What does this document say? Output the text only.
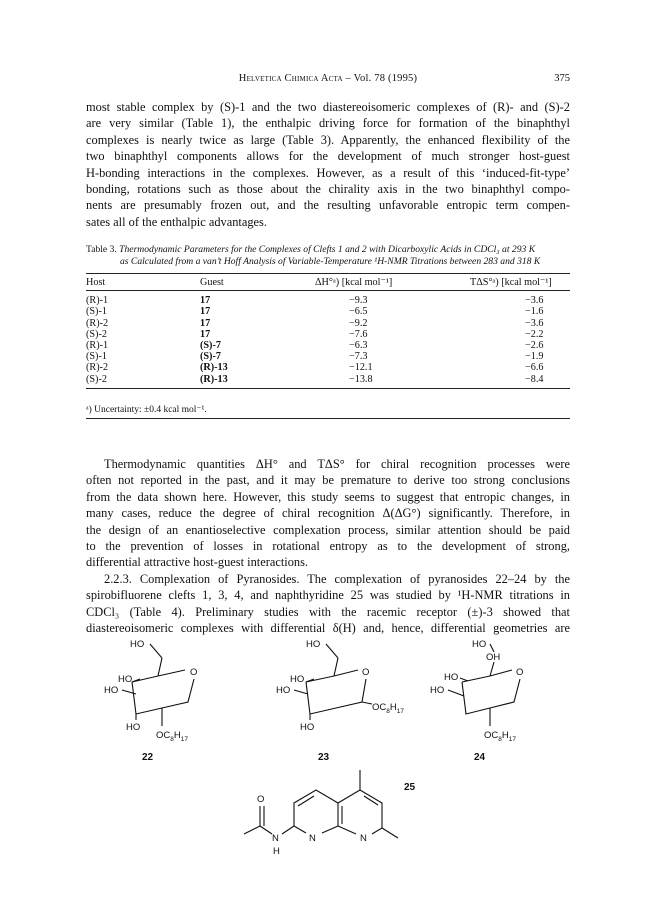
Helvetica Chimica Acta – Vol. 78 (1995)	375
most stable complex by (S)-1 and the two diastereoisomeric complexes of (R)- and (S)-2
are very similar (Table 1), the enthalpic driving force for formation of the binaphthyl
complexes is nearly twice as large (Table 3). Apparently, the enhanced flexibility of the
two binaphthyl components allows for the development of much stronger host-guest
H-bonding interactions in the complexes. However, as a result of this ‘induced-fit-type’
bonding, rotations such as those about the chirality axis in the two binaphthyl compo-
nents are presumably frozen out, and the resulting unfavorable entropic term compen-
sates all of the enthalpic advantages.
Table 3. Thermodynamic Parameters for the Complexes of Clefts 1 and 2 with Dicarboxylic Acids in CDCl₃ at 293 K
as Calculated from a van’t Hoff Analysis of Variable-Temperature ¹H-NMR Titrations between 283 and 318 K
Host	Guest	ΔH°ᵃ) [kcal mol⁻¹]	TΔS°ᵃ) [kcal mol⁻¹]
(R)-1	17	−9.3	−3.6
(S)-1	17	−6.5	−1.6
(R)-2	17	−9.2	−3.6
(S)-2	17	−7.6	−2.2
(R)-1	(S)-7	−6.3	−2.6
(S)-1	(S)-7	−7.3	−1.9
(R)-2	(R)-13	−12.1	−6.6
(S)-2	(R)-13	−13.8	−8.4
ᵃ) Uncertainty: ±0.4 kcal mol⁻¹.
Thermodynamic quantities ΔH° and TΔS° for chiral recognition processes were
often not reported in the past, and it may be premature to derive too strong conclusions
from the data shown here. However, this study seems to suggest that entropic changes, in
many cases, reduce the degree of chiral recognition Δ(ΔG°) significantly. Therefore, in
the design of an enantioselective complexation process, similar attention should be paid
to the prevention of losses in rotational entropy as to the development of strong,
differential attractive host-guest interactions.
2.2.3. Complexation of Pyranosides. The complexation of pyranosides 22–24 by the
spirobifluorene clefts 1, 3, 4, and naphthyridine 25 was studied by ¹H-NMR titrations in
CDCl₃ (Table 4). Preliminary studies with the racemic receptor (±)-3 showed that
diastereoisomeric complexes with differential δ(H) and, hence, differential geometries are
HO
O
HO
HO
HO
$OC_8H_{17}$
22
HO
O
$OC_8H_{17}$
HO
HO
HO
23
HO
OH
O
HO
HO
$OC_8H_{17}$
24
N
N
N
H
O
25
